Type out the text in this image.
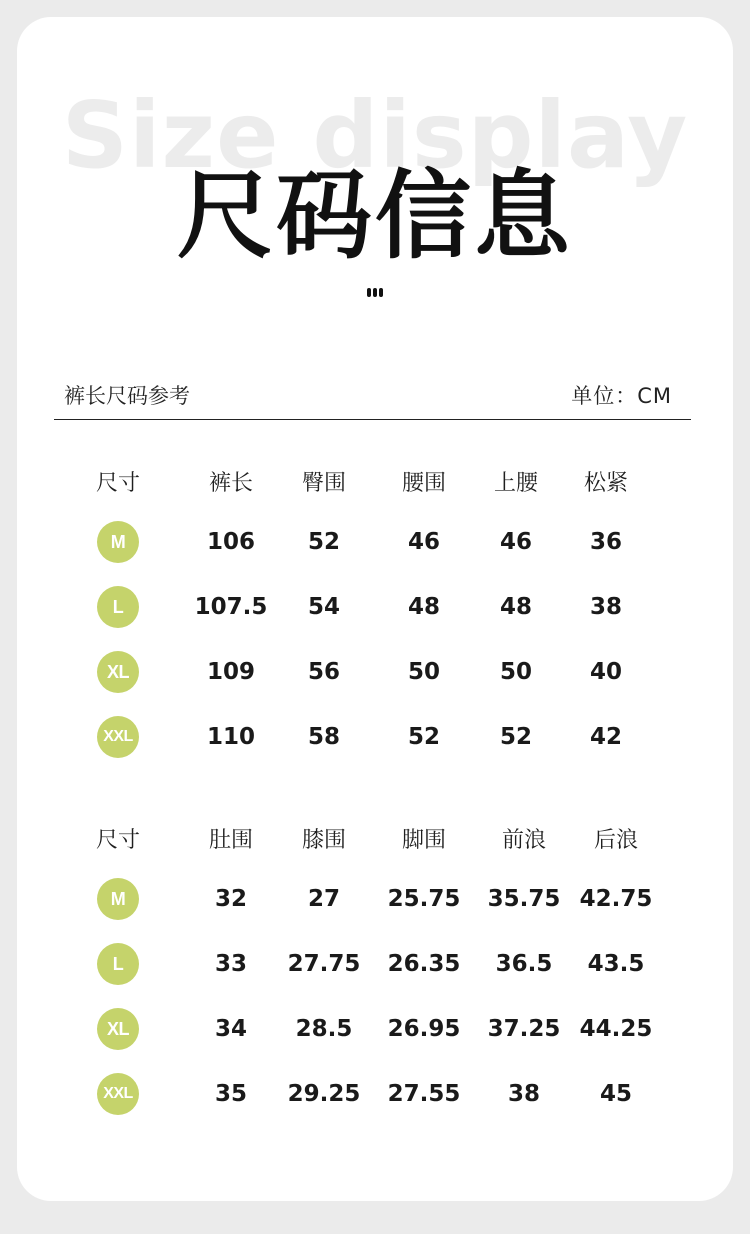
Size display
尺码信息
裤长尺码参考	单位：CM
尺寸	裤长 臀围	腰围 上腰 松紧
M	106 52	46	46	36
L	107.5 54	48	48	38
XL	109 56	50	50	40
XXL	110 58	52	52	42
尺寸	肚围 膝围	脚围	前浪 后浪
M	32	27 25.75 35.75 42.75
L	33 27.75 26.35 36.5 43.5
XL	34 28.5 26.95 37.25 44.25
XXL	35 29.25 27.55 38	45
